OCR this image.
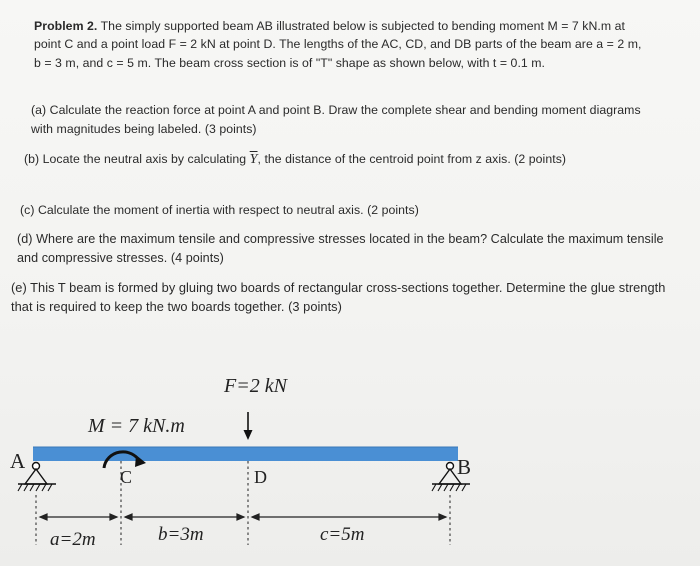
Problem 2. The simply supported beam AB illustrated below is subjected to bending moment M = 7 kN.m at point C and a point load F = 2 kN at point D. The lengths of the AC, CD, and DB parts of the beam are a = 2 m, b = 3 m, and c = 5 m. The beam cross section is of "T" shape as shown below, with t = 0.1 m.

(a) Calculate the reaction force at point A and point B. Draw the complete shear and bending moment diagrams with magnitudes being labeled. (3 points)

(b) Locate the neutral axis by calculating $\overline{Y}$, the distance of the centroid point from z axis. (2 points)

(c) Calculate the moment of inertia with respect to neutral axis. (2 points)

(d) Where are the maximum tensile and compressive stresses located in the beam? Calculate the maximum tensile and compressive stresses. (4 points)

(e) This T beam is formed by gluing two boards of rectangular cross-sections together. Determine the glue strength that is required to keep the two boards together. (3 points)

F=2 kN
M = 7 kN.m
A	B
C	D
a=2m	b=3m	c=5m
